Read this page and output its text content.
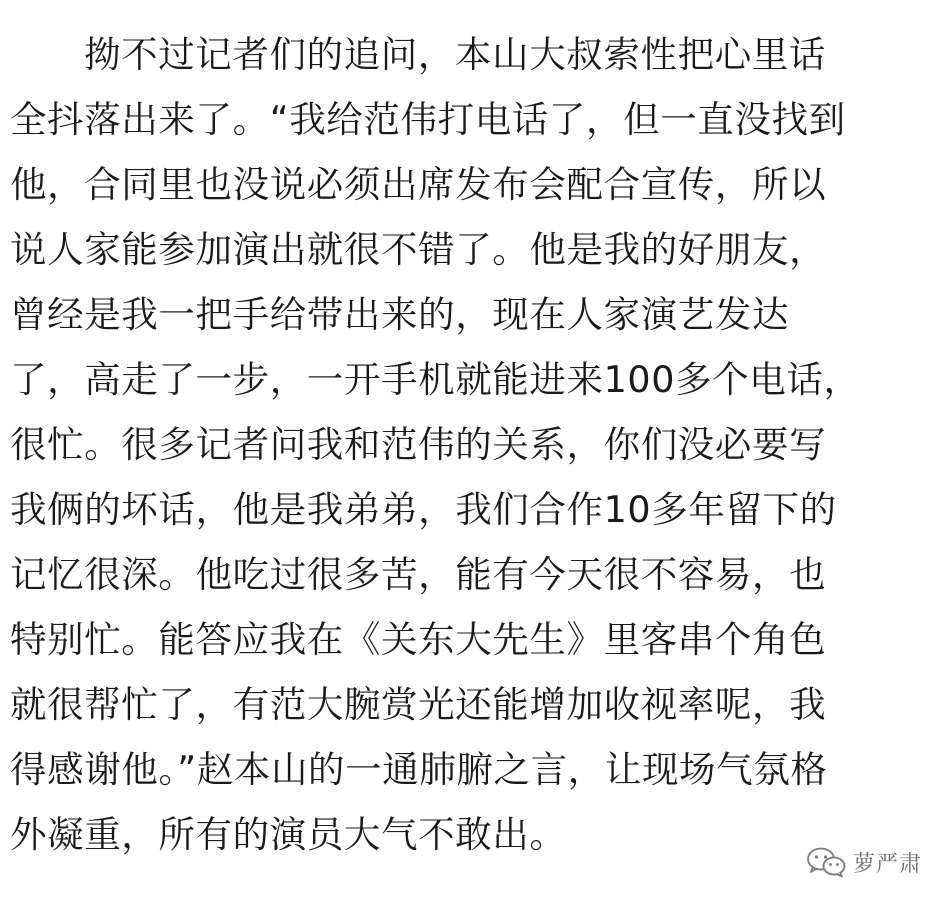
拗不过记者们的追问，本山大叔索性把心里话
全抖落出来了。“我给范伟打电话了，但一直没找到
他，合同里也没说必须出席发布会配合宣传，所以
说人家能参加演出就很不错了。他是我的好朋友，
曾经是我一把手给带出来的，现在人家演艺发达
了，高走了一步，一开手机就能进来100多个电话，
很忙。很多记者问我和范伟的关系，你们没必要写
我俩的坏话，他是我弟弟，我们合作10多年留下的
记忆很深。他吃过很多苦，能有今天很不容易，也
特别忙。能答应我在《关东大先生》里客串个角色
就很帮忙了，有范大腕赏光还能增加收视率呢，我
得感谢他。”赵本山的一通肺腑之言，让现场气氛格
外凝重，所有的演员大气不敢出。
萝严肃
